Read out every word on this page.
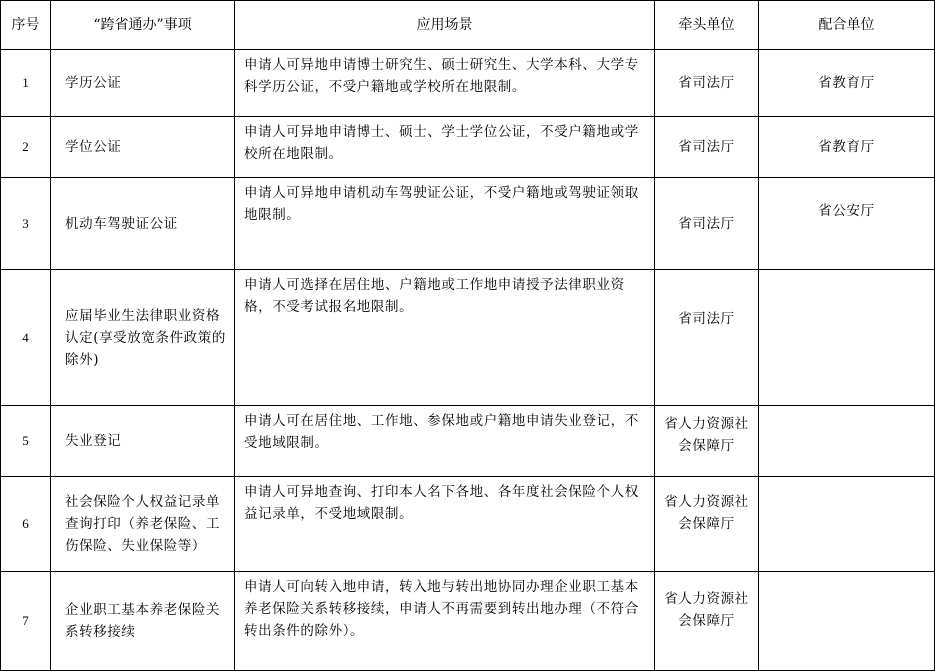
序号	“跨省通办”事项	应用场景	牵头单位	配合单位
1	学历公证	申请人可异地申请博士研究生、硕士研究生、大学本科、大学专科学历公证，不受户籍地或学校所在地限制。	省司法厅	省教育厅
2	学位公证	申请人可异地申请博士、硕士、学士学位公证，不受户籍地或学校所在地限制。	省司法厅	省教育厅
3	机动车驾驶证公证	申请人可异地申请机动车驾驶证公证，不受户籍地或驾驶证领取地限制。	省司法厅	省公安厅
4	应届毕业生法律职业资格认定(享受放宽条件政策的除外)	申请人可选择在居住地、户籍地或工作地申请授予法律职业资格，不受考试报名地限制。	省司法厅	
5	失业登记	申请人可在居住地、工作地、参保地或户籍地申请失业登记，不受地域限制。	省人力资源社会保障厅	
6	社会保险个人权益记录单查询打印（养老保险、工伤保险、失业保险等）	申请人可异地查询、打印本人名下各地、各年度社会保险个人权益记录单，不受地域限制。	省人力资源社会保障厅	
7	企业职工基本养老保险关系转移接续	申请人可向转入地申请，转入地与转出地协同办理企业职工基本养老保险关系转移接续，申请人不再需要到转出地办理（不符合转出条件的除外）。	省人力资源社会保障厅	
